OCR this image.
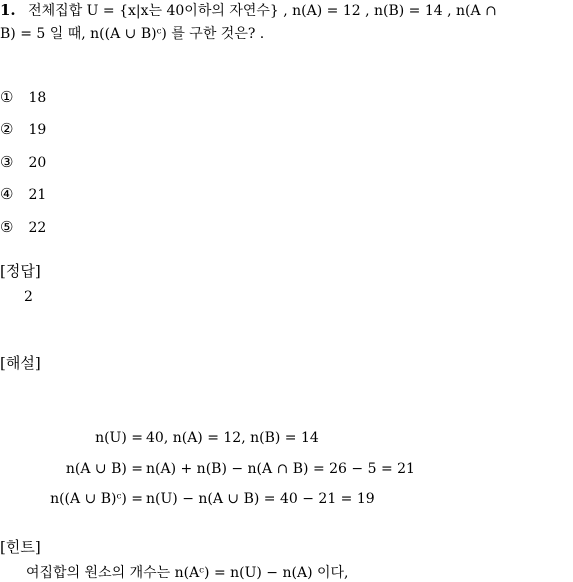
1. 전체집합 U = {x|x는 40이하의 자연수} , n(A) = 12 , n(B) = 14 , n(A ∩
B) = 5 일 때, n((A ∪ B)ᶜ) 를 구한 것은? .
① 18
② 19
③ 20
④ 21
⑤ 22
[정답]
2
[해설]
n(U) = 40, n(A) = 12, n(B) = 14
n(A ∪ B) = n(A) + n(B) − n(A ∩ B) = 26 − 5 = 21
n((A ∪ B)ᶜ) = n(U) − n(A ∪ B) = 40 − 21 = 19
[힌트]
여집합의 원소의 개수는 n(Aᶜ) = n(U) − n(A) 이다,
